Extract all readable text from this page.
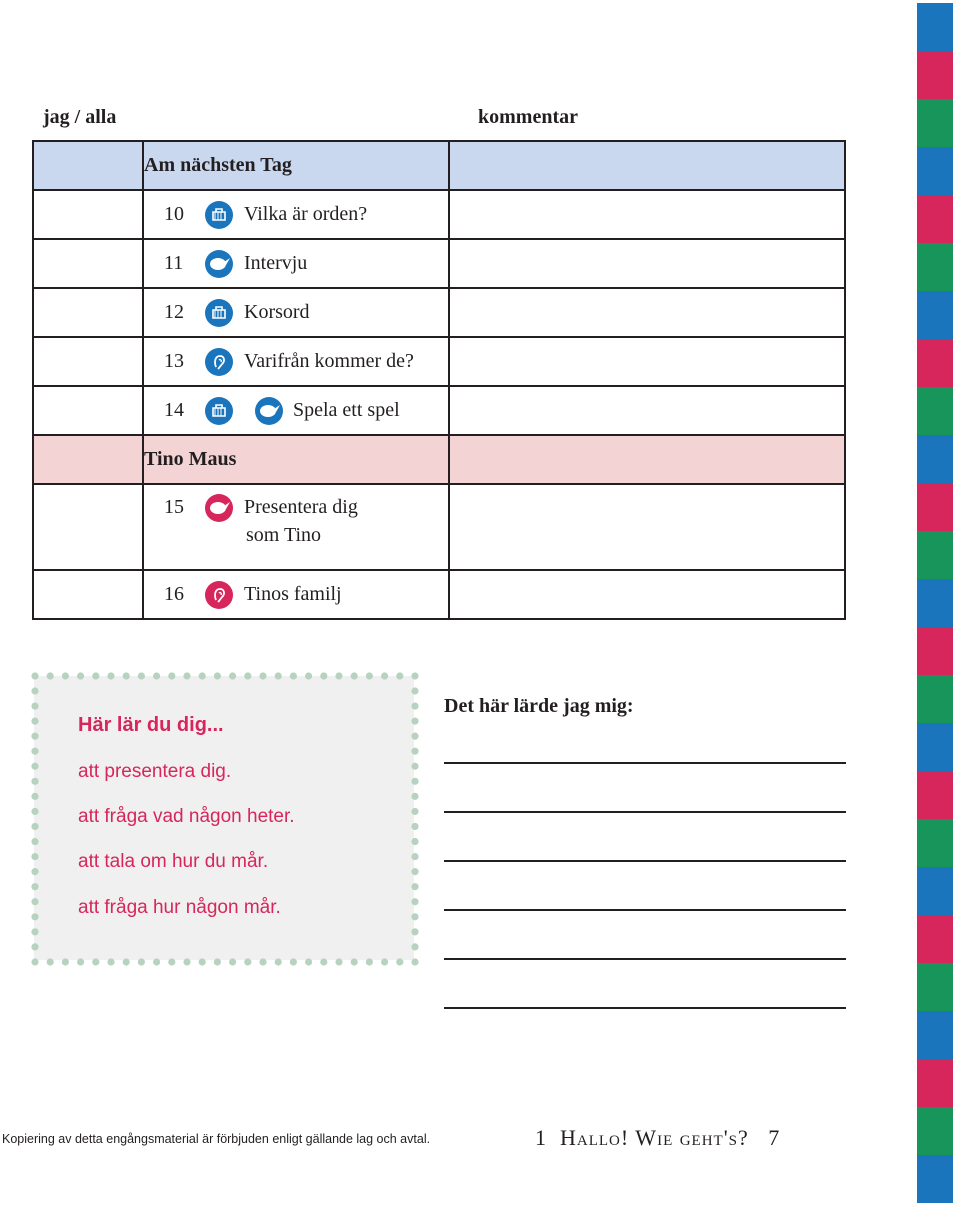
jag / alla	kommentar
	Am nächsten Tag	

	10 Vilka är orden?	

	11 Intervju	

	12 Korsord	

	13 Varifrån kommer de?	

	14 Spela ett spel	

	Tino Maus	

	15 Presentera dig
som Tino	

	16 Tinos familj	

Här lär du dig...
att presentera dig.
att fråga vad någon heter.
att tala om hur du mår.
att fråga hur någon mår.
Det här lärde jag mig:
Kopiering av detta engångsmaterial är förbjuden enligt gällande lag och avtal.	1 Hallo! Wie geht's? 7
